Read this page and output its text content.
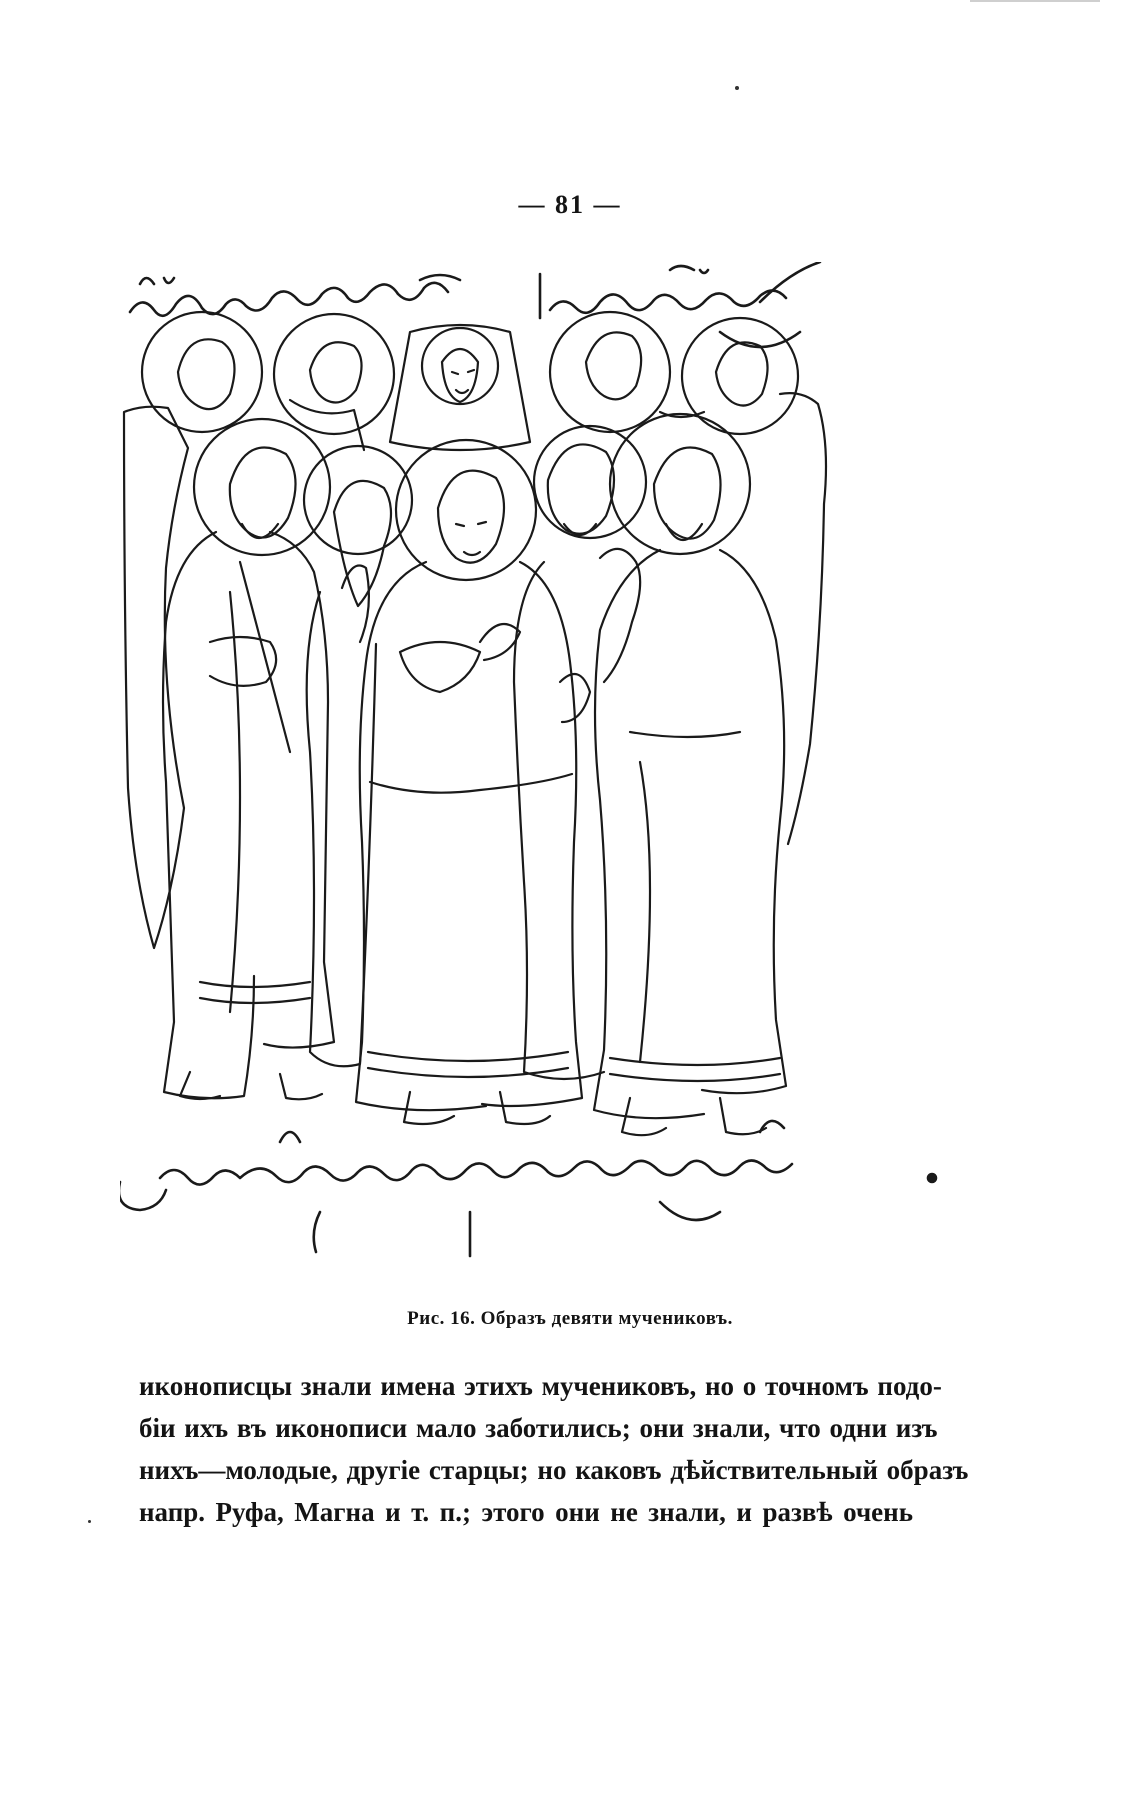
— 81 —
Рис. 16. Образъ девяти мучениковъ.
иконописцы знали имена этихъ мучениковъ, но о точномъ подо-
біи ихъ въ иконописи мало заботились; они знали, что одни изъ
нихъ—молодые, другіе старцы; но каковъ дѣйствительный образъ
напр. Руфа, Магна и т. п.; этого они не знали, и развѣ очень
